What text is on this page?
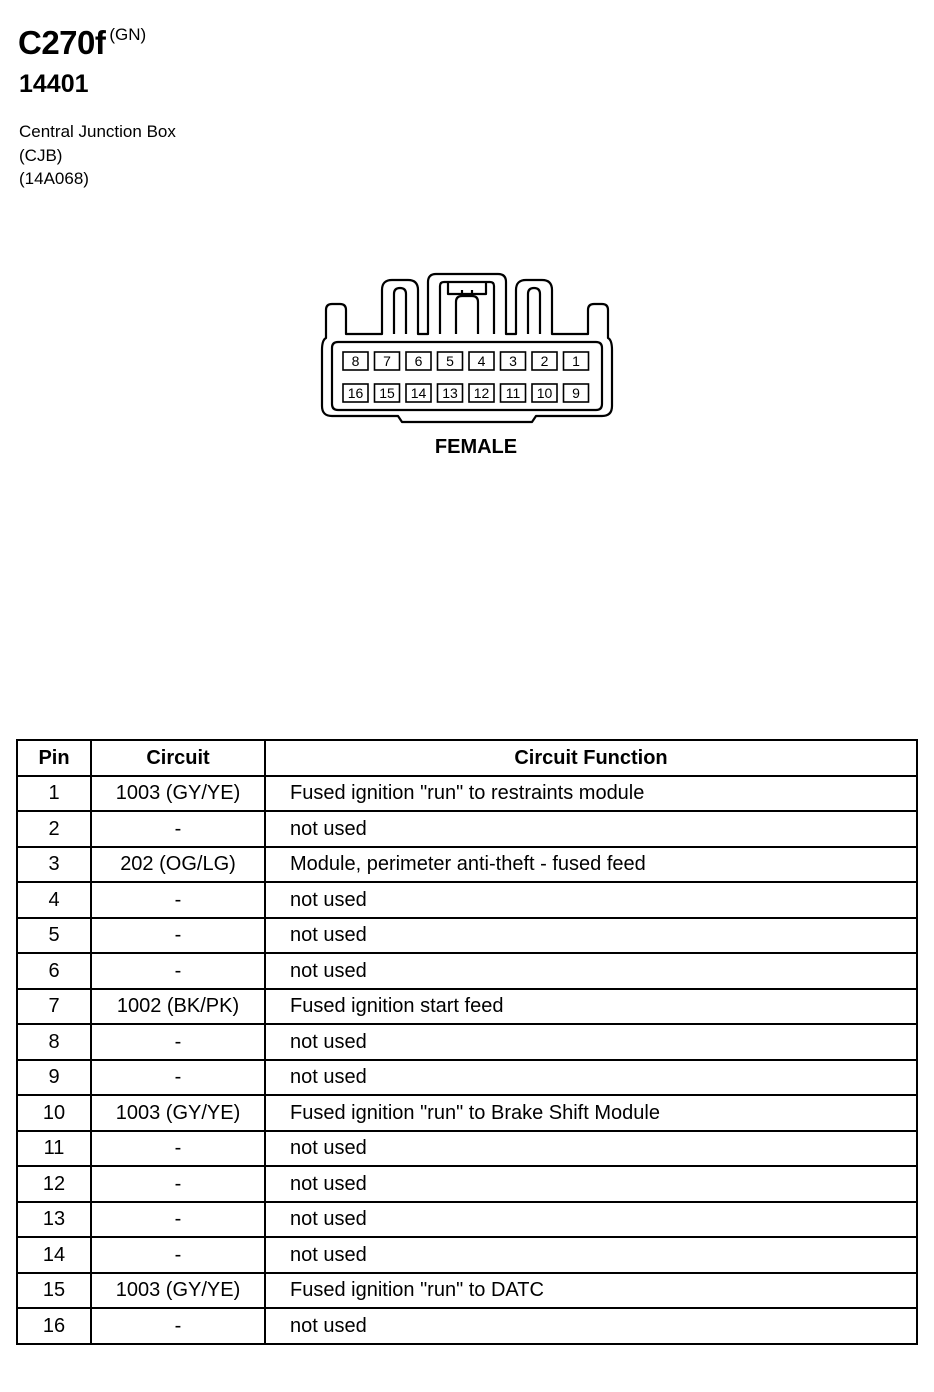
C270f (GN)
14401
Central Junction Box
(CJB)
(14A068)
8 7 6 5 4 3 2 1
16 15 14 13 12 11 10 9
FEMALE
Pin	Circuit	Circuit Function
1	1003 (GY/YE)	Fused ignition "run" to restraints module
2	-	not used
3	202 (OG/LG)	Module, perimeter anti-theft - fused feed
4	-	not used
5	-	not used
6	-	not used
7	1002 (BK/PK)	Fused ignition start feed
8	-	not used
9	-	not used
10	1003 (GY/YE)	Fused ignition "run" to Brake Shift Module
11	-	not used
12	-	not used
13	-	not used
14	-	not used
15	1003 (GY/YE)	Fused ignition "run" to DATC
16	-	not used
